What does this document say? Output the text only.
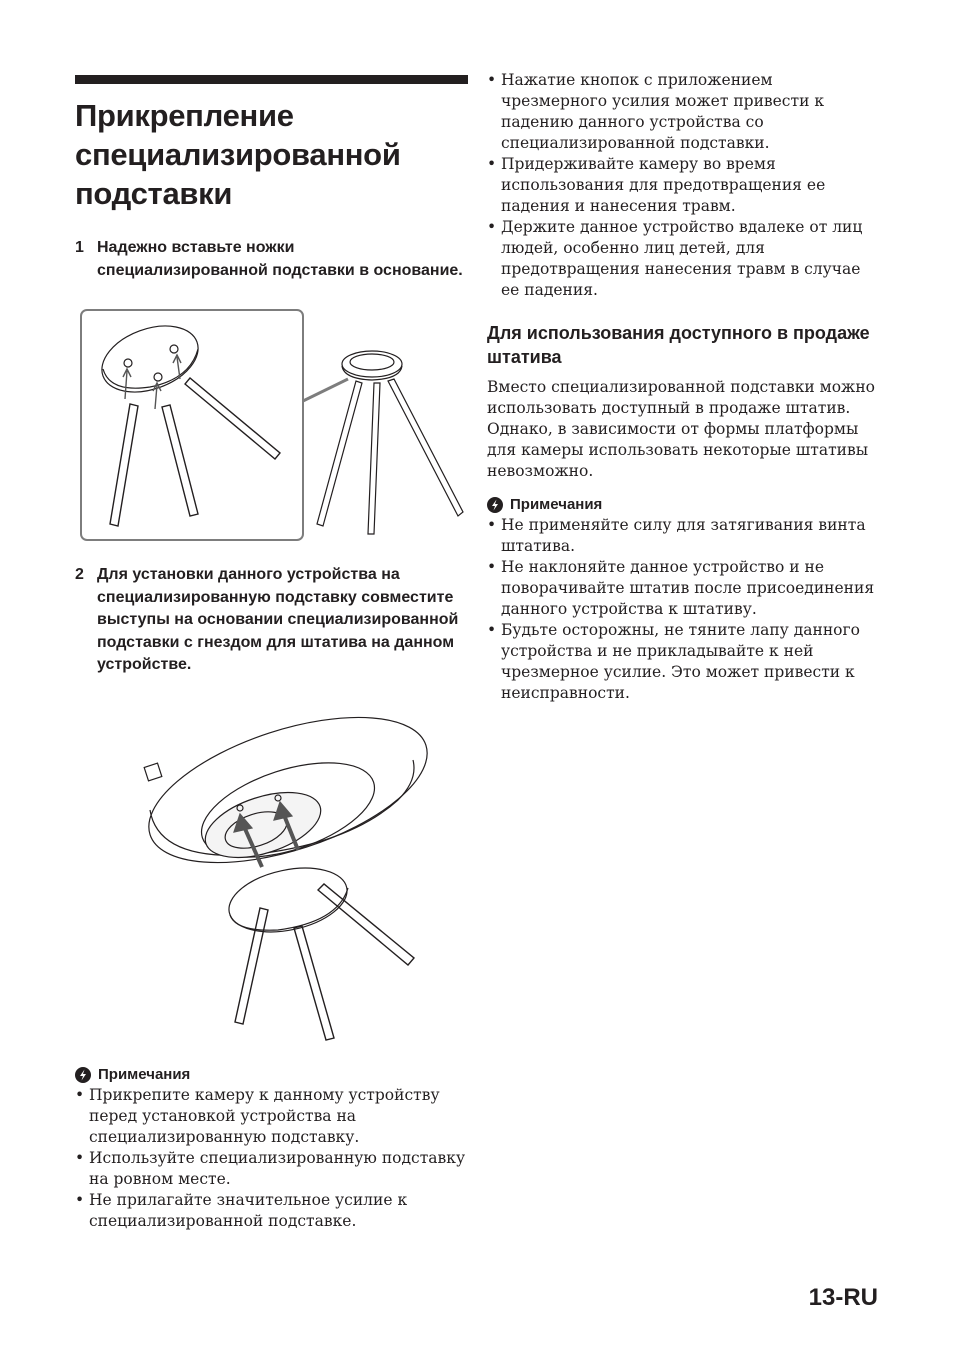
Прикрепление специализированной подставки
1 Надежно вставьте ножки специализированной подставки в основание.
2 Для установки данного устройства на специализированную подставку совместите выступы на основании специализированной подставки с гнездом для штатива на данном устройстве.
Примечания
• Прикрепите камеру к данному устройству перед установкой устройства на специализированную подставку.
• Используйте специализированную подставку на ровном месте.
• Не прилагайте значительное усилие к специализированной подставке.
• Нажатие кнопок с приложением чрезмерного усилия может привести к падению данного устройства со специализированной подставки.
• Придерживайте камеру во время использования для предотвращения ее падения и нанесения травм.
• Держите данное устройство вдалеке от лиц людей, особенно лиц детей, для предотвращения нанесения травм в случае ее падения.
Для использования доступного в продаже штатива

Вместо специализированной подставки можно использовать доступный в продаже штатив. Однако, в зависимости от формы платформы для камеры использовать некоторые штативы невозможно.

Примечания
• Не применяйте силу для затягивания винта штатива.
• Не наклоняйте данное устройство и не поворачивайте штатив после присоединения данного устройства к штативу.
• Будьте осторожны, не тяните лапу данного устройства и не прикладывайте к ней чрезмерное усилие. Это может привести к неисправности.
13-RU
